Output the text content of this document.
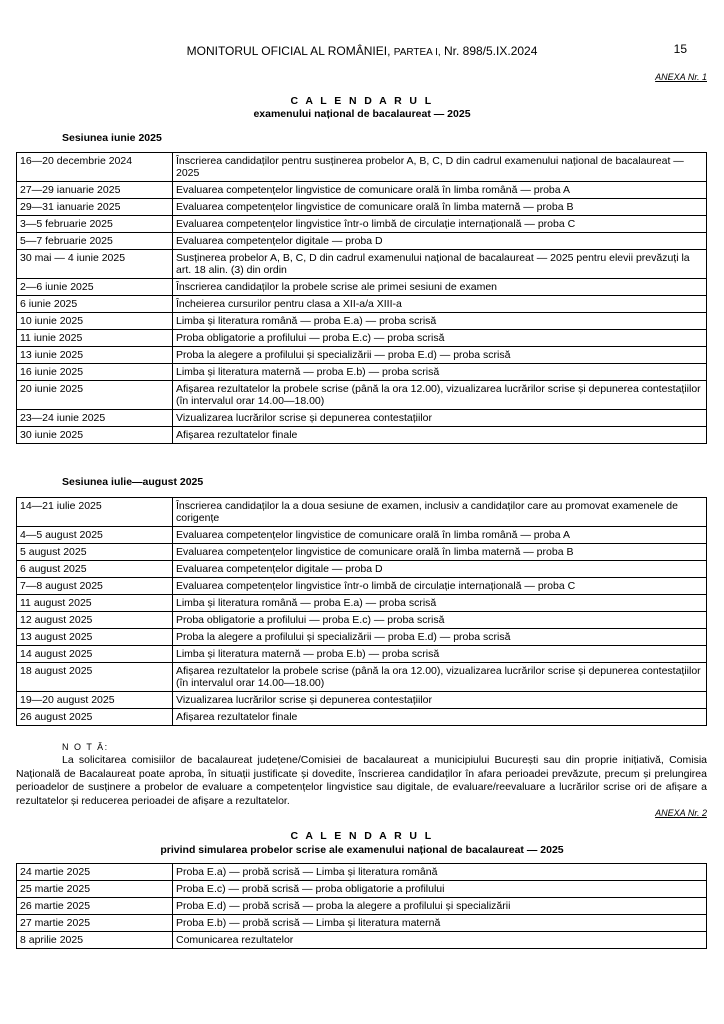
MONITORUL OFICIAL AL ROMÂNIEI, PARTEA I, Nr. 898/5.IX.2024	15
ANEXA Nr. 1
C A L E N D A R U L
examenului național de bacalaureat — 2025
Sesiunea iunie 2025
16—20 decembrie 2024	Înscrierea candidaților pentru susținerea probelor A, B, C, D din cadrul examenului național de bacalaureat — 2025
27—29 ianuarie 2025	Evaluarea competențelor lingvistice de comunicare orală în limba română — proba A
29—31 ianuarie 2025	Evaluarea competențelor lingvistice de comunicare orală în limba maternă — proba B
3—5 februarie 2025	Evaluarea competențelor lingvistice într-o limbă de circulație internațională — proba C
5—7 februarie 2025	Evaluarea competențelor digitale — proba D
30 mai — 4 iunie 2025	Susținerea probelor A, B, C, D din cadrul examenului național de bacalaureat — 2025 pentru elevii prevăzuți la art. 18 alin. (3) din ordin
2—6 iunie 2025	Înscrierea candidaților la probele scrise ale primei sesiuni de examen
6 iunie 2025	Încheierea cursurilor pentru clasa a XII-a/a XIII-a
10 iunie 2025	Limba și literatura română — proba E.a) — proba scrisă
11 iunie 2025	Proba obligatorie a profilului — proba E.c) — proba scrisă
13 iunie 2025	Proba la alegere a profilului și specializării — proba E.d) — proba scrisă
16 iunie 2025	Limba și literatura maternă — proba E.b) — proba scrisă
20 iunie 2025	Afișarea rezultatelor la probele scrise (până la ora 12.00), vizualizarea lucrărilor scrise și depunerea contestațiilor (în intervalul orar 14.00—18.00)
23—24 iunie 2025	Vizualizarea lucrărilor scrise și depunerea contestațiilor
30 iunie 2025	Afișarea rezultatelor finale
Sesiunea iulie—august 2025
14—21 iulie 2025	Înscrierea candidaților la a doua sesiune de examen, inclusiv a candidaților care au promovat examenele de corigențe
4—5 august 2025	Evaluarea competențelor lingvistice de comunicare orală în limba română — proba A
5 august 2025	Evaluarea competențelor lingvistice de comunicare orală în limba maternă — proba B
6 august 2025	Evaluarea competențelor digitale — proba D
7—8 august 2025	Evaluarea competențelor lingvistice într-o limbă de circulație internațională — proba C
11 august 2025	Limba și literatura română — proba E.a) — proba scrisă
12 august 2025	Proba obligatorie a profilului — proba E.c) — proba scrisă
13 august 2025	Proba la alegere a profilului și specializării — proba E.d) — proba scrisă
14 august 2025	Limba și literatura maternă — proba E.b) — proba scrisă
18 august 2025	Afișarea rezultatelor la probele scrise (până la ora 12.00), vizualizarea lucrărilor scrise și depunerea contestațiilor (în intervalul orar 14.00—18.00)
19—20 august 2025	Vizualizarea lucrărilor scrise și depunerea contestațiilor
26 august 2025	Afișarea rezultatelor finale
N O T Ă:

La solicitarea comisiilor de bacalaureat județene/Comisiei de bacalaureat a municipiului București sau din proprie inițiativă, Comisia Națională de Bacalaureat poate aproba, în situații justificate și dovedite, înscrierea candidaților în afara perioadei prevăzute, precum și prelungirea perioadelor de susținere a probelor de evaluare a competențelor lingvistice sau digitale, de evaluare/reevaluare a lucrărilor scrise ori de afișare a rezultatelor și reducerea perioadei de afișare a rezultatelor.

ANEXA Nr. 2
C A L E N D A R U L
privind simularea probelor scrise ale examenului național de bacalaureat — 2025
24 martie 2025	Proba E.a) — probă scrisă — Limba și literatura română
25 martie 2025	Proba E.c) — probă scrisă — proba obligatorie a profilului
26 martie 2025	Proba E.d) — probă scrisă — proba la alegere a profilului și specializării
27 martie 2025	Proba E.b) — probă scrisă — Limba și literatura maternă
8 aprilie 2025	Comunicarea rezultatelor
